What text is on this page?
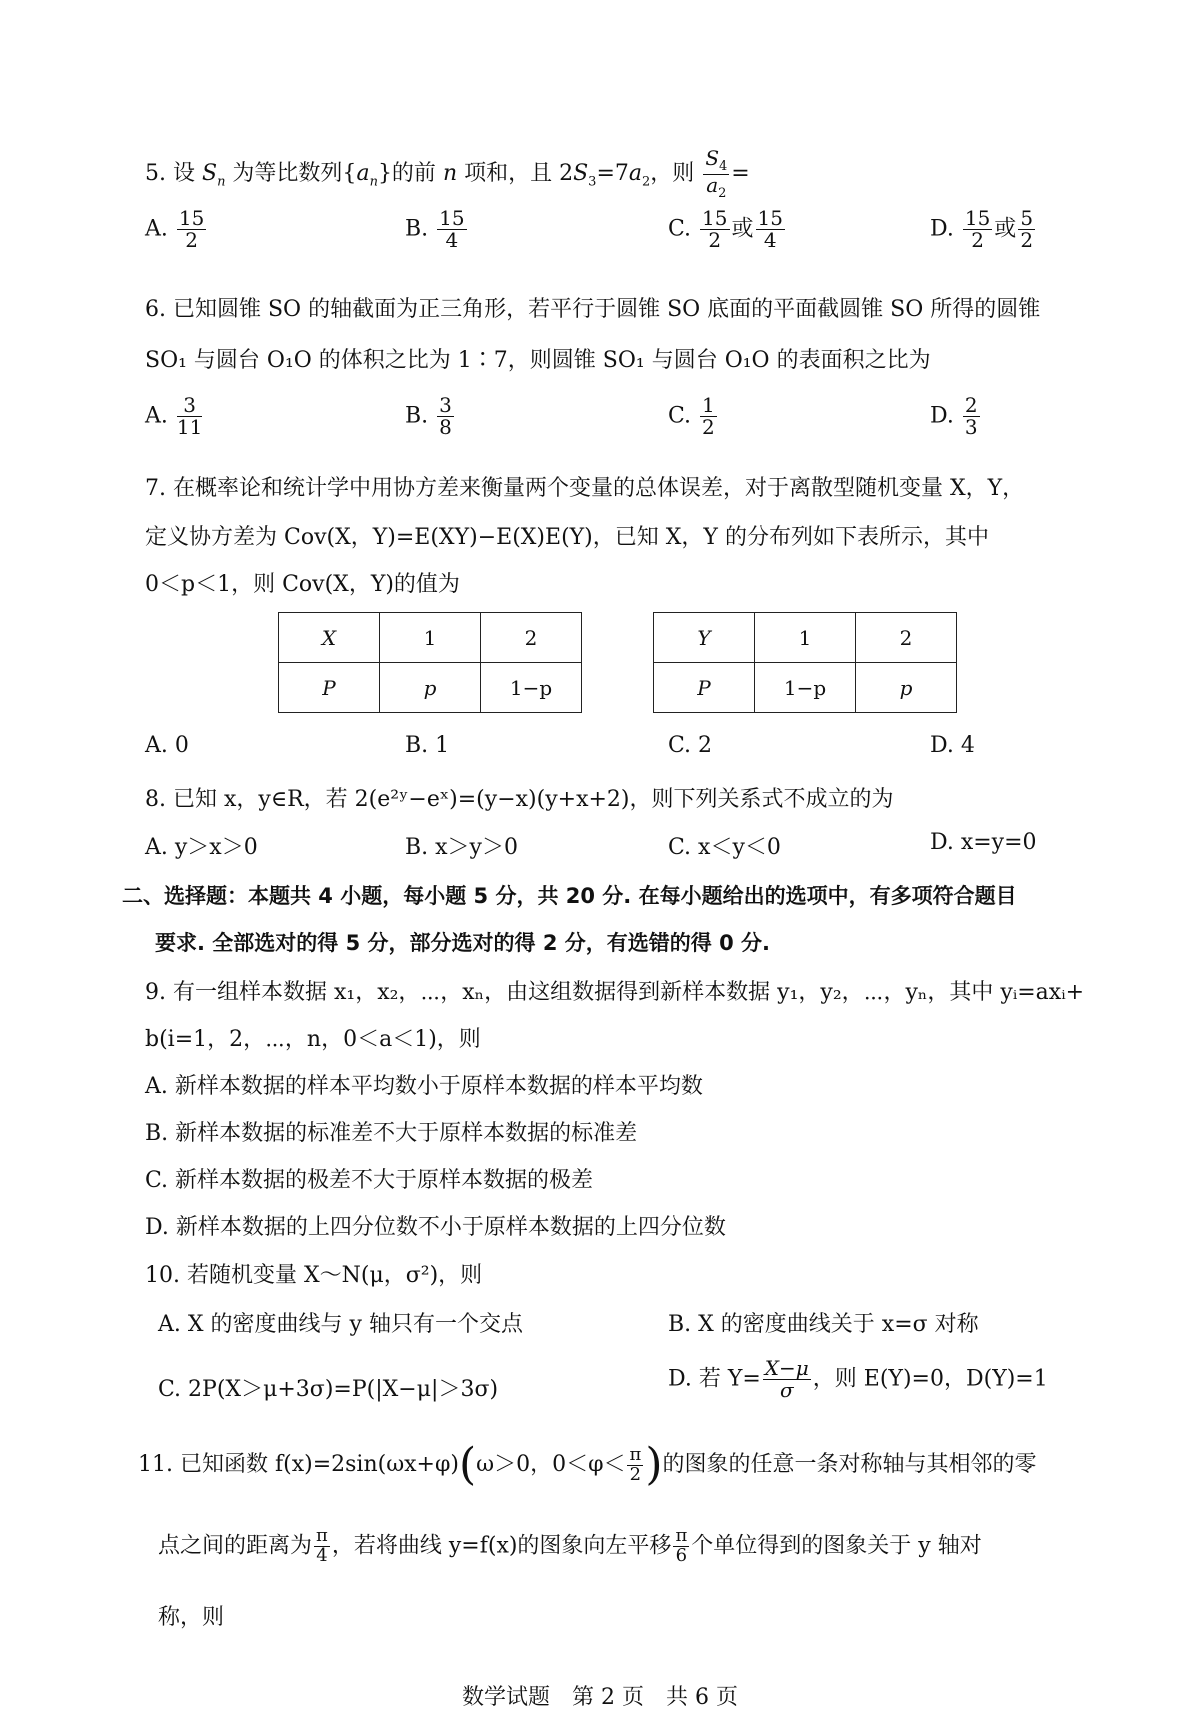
5. 设 $S_n$ 为等比数列$\{a_n\}$的前 n 项和，且 $2S_3=7a_2$，则 $\frac{S_4}{a_2}$ =
A. $\frac{15}{2}$	B. $\frac{15}{4}$	C. $\frac{15}{2}$ 或 $\frac{15}{4}$	D. $\frac{15}{2}$ 或 $\frac{5}{2}$
6. 已知圆锥 SO 的轴截面为正三角形，若平行于圆锥 SO 底面的平面截圆锥 SO 所得的圆锥
SO₁ 与圆台 O₁O 的体积之比为 1∶7，则圆锥 SO₁ 与圆台 O₁O 的表面积之比为
A. $\frac{3}{11}$	B. $\frac{3}{8}$	C. $\frac{1}{2}$	D. $\frac{2}{3}$
7. 在概率论和统计学中用协方差来衡量两个变量的总体误差，对于离散型随机变量 X，Y，
定义协方差为 Cov(X，Y)=E(XY)−E(X)E(Y)，已知 X，Y 的分布列如下表所示，其中
0＜p＜1，则 Cov(X，Y)的值为
X	1	2
P	p	1−p
Y	1	2
P	1−p	p
A. 0	B. 1	C. 2	D. 4
8. 已知 x，y∈R，若 2(e²ʸ−eˣ)=(y−x)(y+x+2)，则下列关系式不成立的为
A. y＞x＞0	B. x＞y＞0	C. x＜y＜0	D. x=y=0
二、选择题：本题共 4 小题，每小题 5 分，共 20 分. 在每小题给出的选项中，有多项符合题目
要求. 全部选对的得 5 分，部分选对的得 2 分，有选错的得 0 分.
9. 有一组样本数据 x₁，x₂，⋯，xₙ，由这组数据得到新样本数据 y₁，y₂，⋯，yₙ，其中 yᵢ=axᵢ+
b(i=1，2，⋯，n，0＜a＜1)，则
A. 新样本数据的样本平均数小于原样本数据的样本平均数
B. 新样本数据的标准差不大于原样本数据的标准差
C. 新样本数据的极差不大于原样本数据的极差
D. 新样本数据的上四分位数不小于原样本数据的上四分位数
10. 若随机变量 X～N(μ，σ²)，则
A. X 的密度曲线与 y 轴只有一个交点	B. X 的密度曲线关于 x=σ 对称
C. 2P(X＞μ+3σ)=P(|X−μ|＞3σ)	D. 若 $Y= \frac{X-\mu}{\sigma}$ ，则 E(Y)=0，D(Y)=1
11. 已知函数 f(x)=2sin(ωx+φ)(ω＞0，$0<\varphi< \frac{\pi}{2}$ )的图象的任意一条对称轴与其相邻的零
点之间的距离为 $\frac{\pi}{4}$ ，若将曲线 y=f(x)的图象向左平移 $\frac{\pi}{6}$ 个单位得到的图象关于 y 轴对
称，则
数学试题　第 2 页　共 6 页
